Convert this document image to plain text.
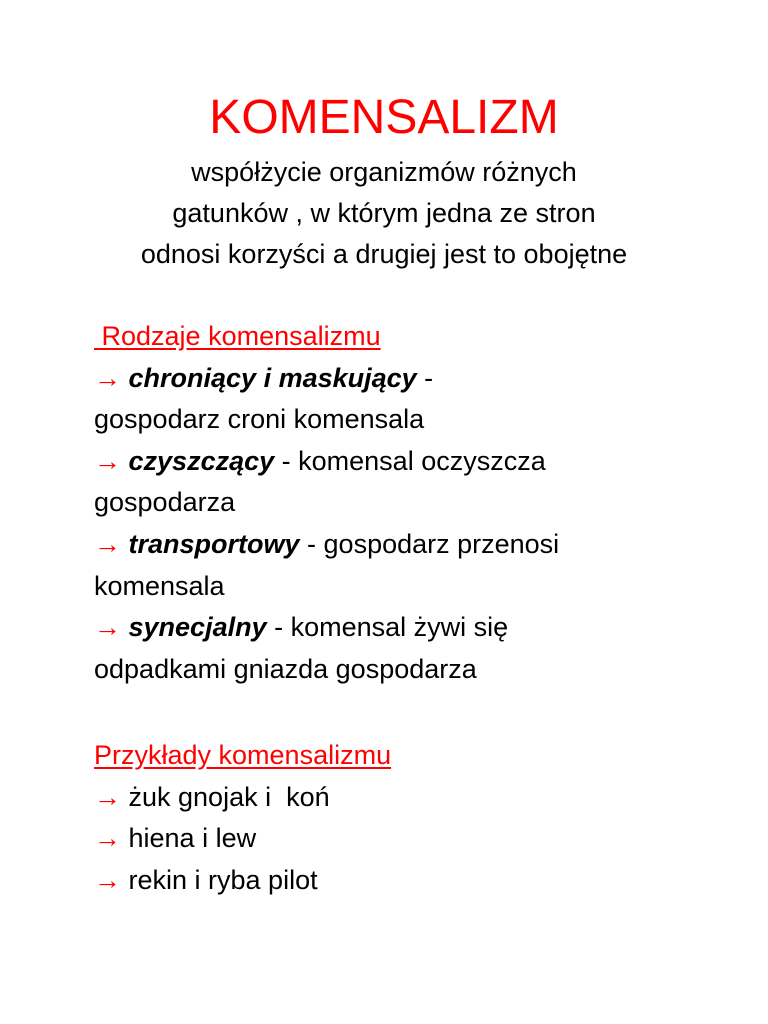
KOMENSALIZM
współżycie organizmów różnych
gatunków , w którym jedna ze stron
odnosi korzyści a drugiej jest to obojętne
Rodzaje komensalizmu
→ chroniący i maskujący -
gospodarz croni komensala
→ czyszczący - komensal oczyszcza
gospodarza
→ transportowy - gospodarz przenosi
komensala
→ synecjalny - komensal żywi się
odpadkami gniazda gospodarza
Przykłady komensalizmu
→ żuk gnojak i  koń
→ hiena i lew
→ rekin i ryba pilot
